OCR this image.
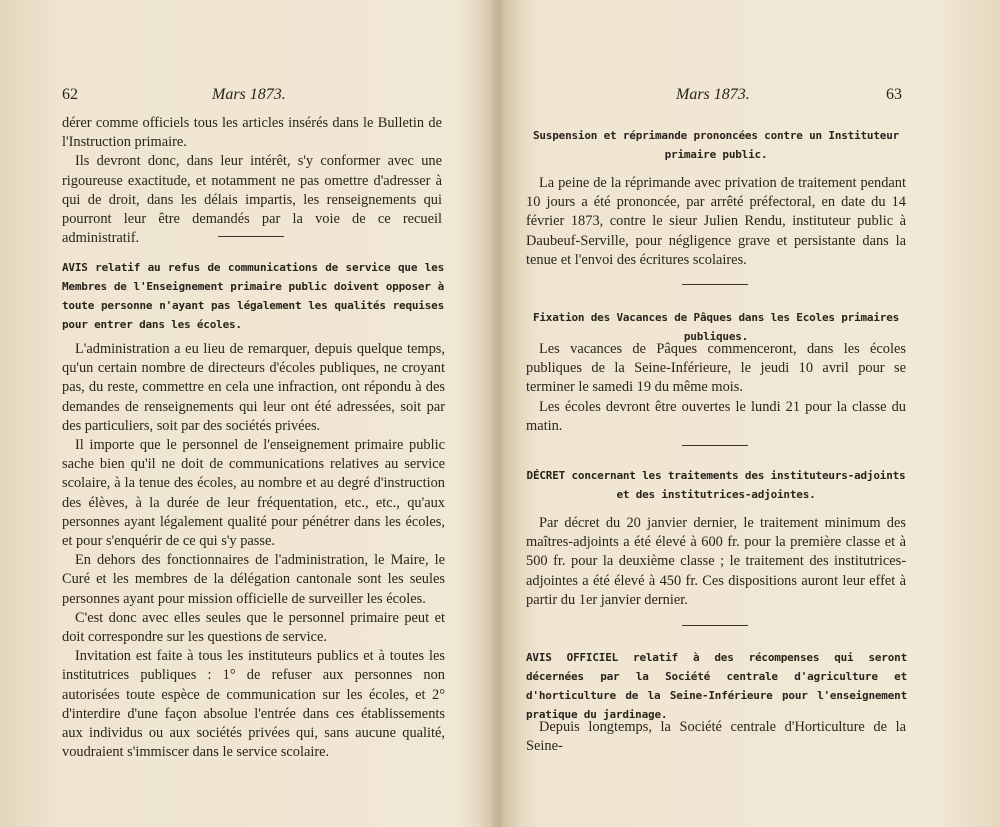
62	Mars 1873.

dérer comme officiels tous les articles insérés dans le Bulletin de l'Instruction primaire.

Ils devront donc, dans leur intérêt, s'y conformer avec une rigoureuse exactitude, et notamment ne pas omettre d'adresser à qui de droit, dans les délais impartis, les renseignements qui pourront leur être demandés par la voie de ce recueil administratif.

AVIS relatif au refus de communications de service que les Membres de l'Enseignement primaire public doivent opposer à toute personne n'ayant pas légalement les qualités requises pour entrer dans les écoles.

L'administration a eu lieu de remarquer, depuis quelque temps, qu'un certain nombre de directeurs d'écoles publiques, ne croyant pas, du reste, commettre en cela une infraction, ont répondu à des demandes de renseignements qui leur ont été adressées, soit par des particuliers, soit par des sociétés privées.

Il importe que le personnel de l'enseignement primaire public sache bien qu'il ne doit de communications relatives au service scolaire, à la tenue des écoles, au nombre et au degré d'instruction des élèves, à la durée de leur fréquentation, etc., etc., qu'aux personnes ayant légalement qualité pour pénétrer dans les écoles, et pour s'enquérir de ce qui s'y passe.

En dehors des fonctionnaires de l'administration, le Maire, le Curé et les membres de la délégation cantonale sont les seules personnes ayant pour mission officielle de surveiller les écoles.

C'est donc avec elles seules que le personnel primaire peut et doit correspondre sur les questions de service.

Invitation est faite à tous les instituteurs publics et à toutes les institutrices publiques : 1° de refuser aux personnes non autorisées toute espèce de communication sur les écoles, et 2° d'interdire d'une façon absolue l'entrée dans ces établissements aux individus ou aux sociétés privées qui, sans aucune qualité, voudraient s'immiscer dans le service scolaire.

Mars 1873.	63
Suspension et réprimande prononcées contre un Instituteur primaire public.

La peine de la réprimande avec privation de traitement pendant 10 jours a été prononcée, par arrêté préfectoral, en date du 14 février 1873, contre le sieur Julien Rendu, instituteur public à Daubeuf-Serville, pour négligence grave et persistante dans la tenue et l'envoi des écritures scolaires.

Fixation des Vacances de Pâques dans les Ecoles primaires publiques.

Les vacances de Pâques commenceront, dans les écoles publiques de la Seine-Inférieure, le jeudi 10 avril pour se terminer le samedi 19 du même mois.

Les écoles devront être ouvertes le lundi 21 pour la classe du matin.

DÉCRET concernant les traitements des instituteurs-adjoints et des institutrices-adjointes.

Par décret du 20 janvier dernier, le traitement minimum des maîtres-adjoints a été élevé à 600 fr. pour la première classe et à 500 fr. pour la deuxième classe ; le traitement des institutrices-adjointes a été élevé à 450 fr. Ces dispositions auront leur effet à partir du 1er janvier dernier.

AVIS OFFICIEL relatif à des récompenses qui seront décernées par la Société centrale d'agriculture et d'horticulture de la Seine-Inférieure pour l'enseignement pratique du jardinage.

Depuis longtemps, la Société centrale d'Horticulture de la Seine-
